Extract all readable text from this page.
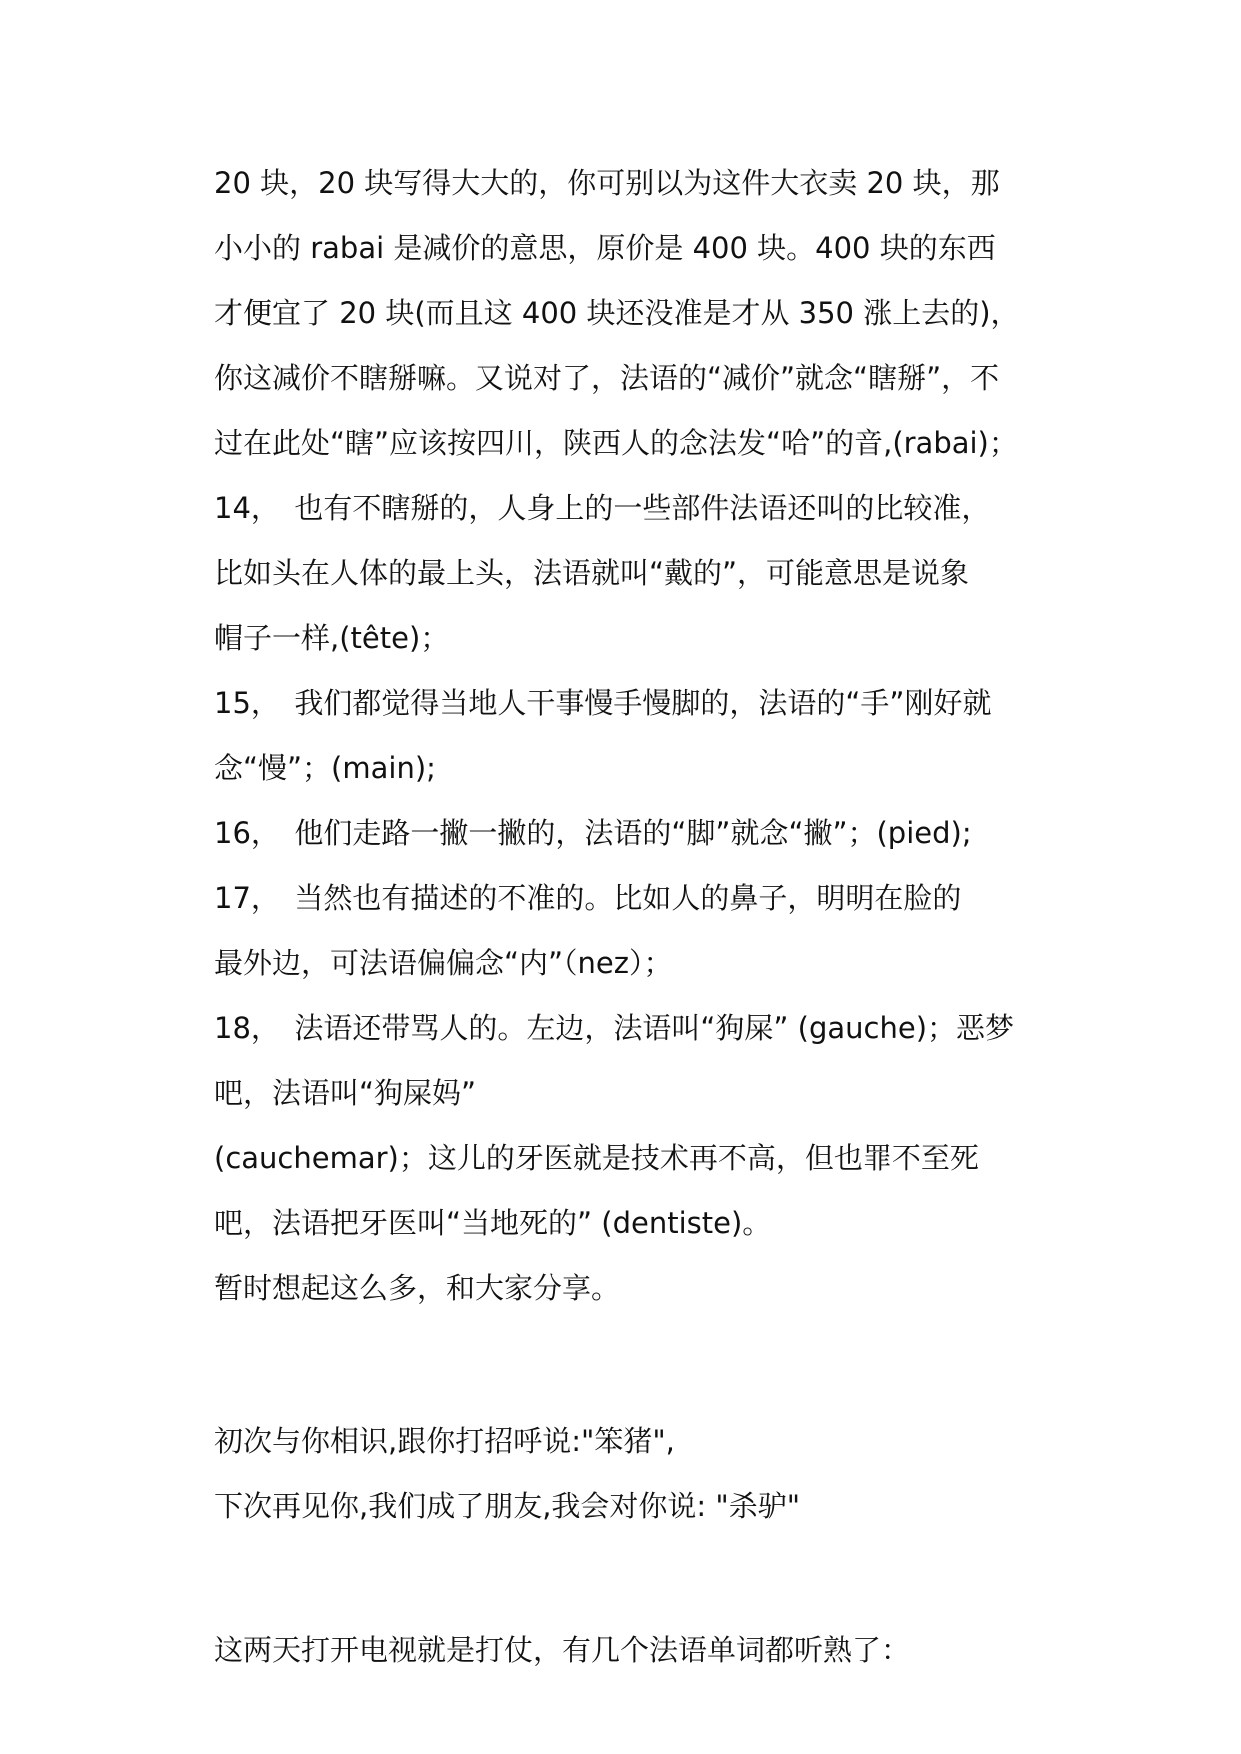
20 块，20 块写得大大的，你可别以为这件大衣卖 20 块，那

小小的 rabai 是减价的意思，原价是 400 块。400 块的东西

才便宜了 20 块(而且这 400 块还没准是才从 350 涨上去的)，

你这减价不瞎掰嘛。又说对了，法语的“减价”就念“瞎掰”，不

过在此处“瞎”应该按四川，陕西人的念法发“哈”的音,(rabai)；

14，　也有不瞎掰的，人身上的一些部件法语还叫的比较准，

比如头在人体的最上头，法语就叫“戴的”，可能意思是说象

帽子一样,(tête)；

15，　我们都觉得当地人干事慢手慢脚的，法语的“手”刚好就

念“慢”；(main);

16，　他们走路一撇一撇的，法语的“脚”就念“撇”；(pied);

17，　当然也有描述的不准的。比如人的鼻子，明明在脸的

最外边，可法语偏偏念“内”（nez）；

18，　法语还带骂人的。左边，法语叫“狗屎” (gauche)；恶梦

吧，法语叫“狗屎妈”

(cauchemar)；这儿的牙医就是技术再不高，但也罪不至死

吧，法语把牙医叫“当地死的” (dentiste)。

暂时想起这么多，和大家分享。

初次与你相识,跟你打招呼说:"笨猪",

下次再见你,我们成了朋友,我会对你说: "杀驴"

这两天打开电视就是打仗，有几个法语单词都听熟了：
